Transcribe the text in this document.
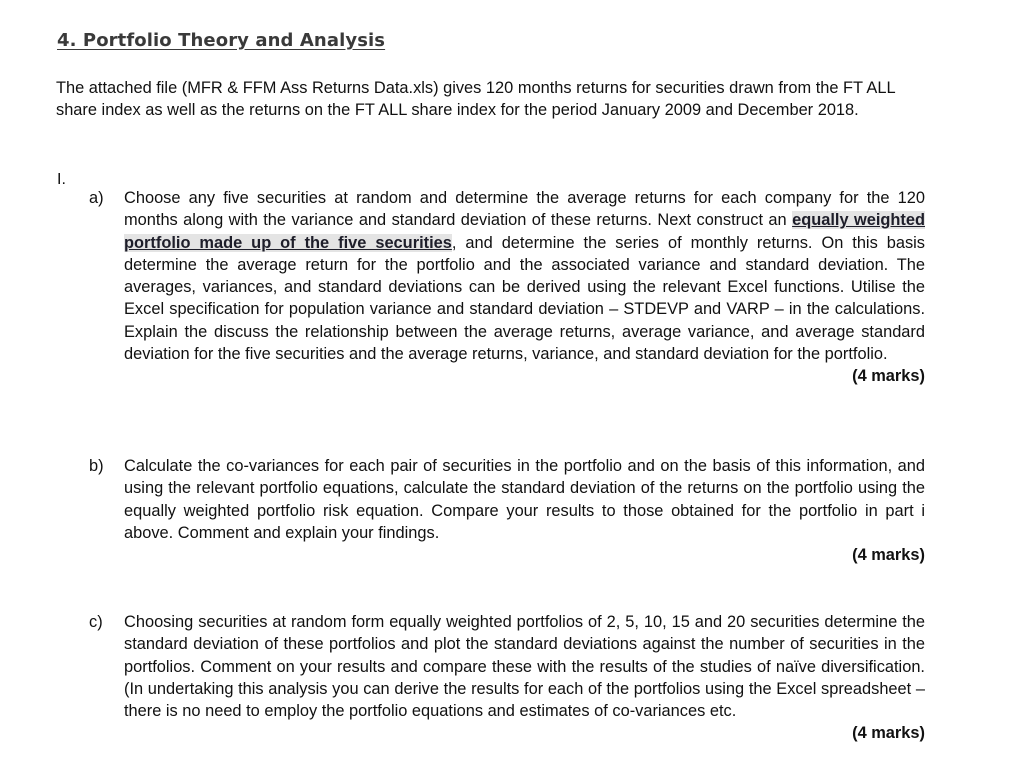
4. Portfolio Theory and Analysis

The attached file (MFR & FFM Ass Returns Data.xls) gives 120 months returns for securities drawn from the FT ALL share index as well as the returns on the FT ALL share index for the period January 2009 and December 2018.

I.

a) Choose any five securities at random and determine the average returns for each company for the 120 months along with the variance and standard deviation of these returns. Next construct an equally weighted portfolio made up of the five securities, and determine the series of monthly returns. On this basis determine the average return for the portfolio and the associated variance and standard deviation. The averages, variances, and standard deviations can be derived using the relevant Excel functions. Utilise the Excel specification for population variance and standard deviation – STDEVP and VARP – in the calculations. Explain the discuss the relationship between the average returns, average variance, and average standard deviation for the five securities and the average returns, variance, and standard deviation for the portfolio.
(4 marks)

b) Calculate the co-variances for each pair of securities in the portfolio and on the basis of this information, and using the relevant portfolio equations, calculate the standard deviation of the returns on the portfolio using the equally weighted portfolio risk equation. Compare your results to those obtained for the portfolio in part i above. Comment and explain your findings.
(4 marks)

c) Choosing securities at random form equally weighted portfolios of 2, 5, 10, 15 and 20 securities determine the standard deviation of these portfolios and plot the standard deviations against the number of securities in the portfolios. Comment on your results and compare these with the results of the studies of naïve diversification. (In undertaking this analysis you can derive the results for each of the portfolios using the Excel spreadsheet – there is no need to employ the portfolio equations and estimates of co-variances etc.
(4 marks)
